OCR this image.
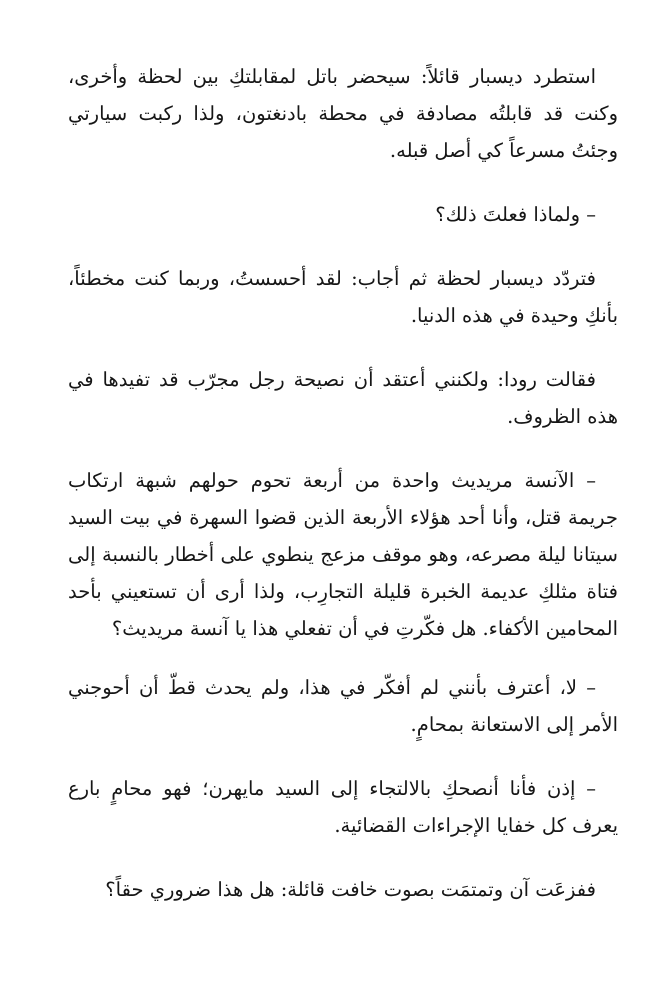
استطرد ديسبار قائلاً: سيحضر باتل لمقابلتكِ بين لحظة وأخرى، وكنت قد قابلتُه مصادفة في محطة بادنغتون، ولذا ركبت سيارتي وجئتُ مسرعاً كي أصل قبله.

– ولماذا فعلتَ ذلك؟

فتردّد ديسبار لحظة ثم أجاب: لقد أحسستُ، وربما كنت مخطئاً، بأنكِ وحيدة في هذه الدنيا.

فقالت رودا: ولكنني أعتقد أن نصيحة رجل مجرّب قد تفيدها في هذه الظروف.

– الآنسة مريديث واحدة من أربعة تحوم حولهم شبهة ارتكاب جريمة قتل، وأنا أحد هؤلاء الأربعة الذين قضوا السهرة في بيت السيد سيتانا ليلة مصرعه، وهو موقف مزعج ينطوي على أخطار بالنسبة إلى فتاة مثلكِ عديمة الخبرة قليلة التجارِب، ولذا أرى أن تستعيني بأحد المحامين الأكفاء. هل فكّرتِ في أن تفعلي هذا يا آنسة مريديث؟

– لا، أعترف بأنني لم أفكّر في هذا، ولم يحدث قطّ أن أحوجني الأمر إلى الاستعانة بمحامٍ.

– إذن فأنا أنصحكِ بالالتجاء إلى السيد مايهرن؛ فهو محامٍ بارع يعرف كل خفايا الإجراءات القضائية.

ففزعَت آن وتمتمَت بصوت خافت قائلة: هل هذا ضروري حقاً؟
